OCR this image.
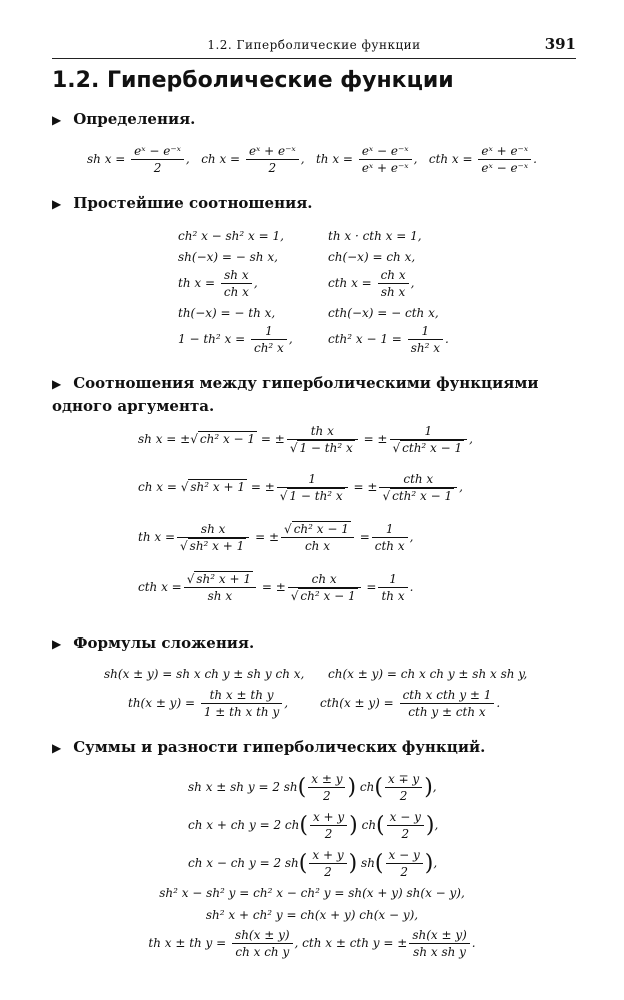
1.2. Гиперболические функции	391
1.2. Гиперболические функции
▶ Определения.
sh $x = \frac{\text{eˣ − e⁻ˣ}}{2}$ , ch $x = \frac{\text{eˣ + e⁻ˣ}}{2}$ , th $x = \frac{\text{eˣ − e⁻ˣ}}{\text{eˣ + e⁻ˣ}}$ , cth $x = \frac{\text{eˣ + e⁻ˣ}}{\text{eˣ − e⁻ˣ}}$ .
▶ Простейшие соотношения.
ch² x − sh² x = 1,	th x · cth x = 1,
sh(−x) = − sh x,	ch(−x) = ch x,
th $x = \frac{\text{sh x}}{\text{ch x}}$ ,	cth $x = \frac{\text{ch x}}{\text{sh x}}$ ,
th(−x) = − th x,	cth(−x) = − cth x,
1 − th² $x = \frac{1}{\text{ch² x}}$ ,	cth² $x - 1 = \frac{1}{\text{sh² x}}$ .
▶ Соотношения между гиперболическими функциями одного аргумента.
sh x = ±√ ch² x − 1 = ± $\frac{\text{th x}}{\text{√ 1 − th² x}}$ = ± $\frac{1}{\text{√ cth² x − 1}}$ ,
ch x = √ sh² x + 1 = ± $\frac{1}{\text{√ 1 − th² x}}$ = ± $\frac{\text{cth x}}{\text{√ cth² x − 1}}$ ,
th $x = \frac{\text{sh x}}{\text{√ sh² x + 1}}$ = ± $\frac{\text{√ ch² x − 1}}{\text{ch x}} = \frac{1}{\text{cth x}}$ ,
cth $x = \frac{\text{√ sh² x + 1}}{\text{sh x}}$ = ± $\frac{\text{ch x}}{\text{√ ch² x − 1}} = \frac{1}{\text{th x}}$ .
▶ Формулы сложения.
sh(x ± y) = sh x ch y ± sh y ch x, ch(x ± y) = ch x ch y ± sh x sh y,
$th(x \pm y) = \frac{\text{th x ± th y}}{\text{1 ± th x th y}}$ ,	$cth(x \pm y) = \frac{\text{cth x cth y ± 1}}{\text{cth y ± cth x}}$ .
▶ Суммы и разности гиперболических функций.
sh x ± sh y = 2 $sh( \frac{x \pm y}{2}$ ) $ch( \frac{x \mp y}{2}$ ),
ch x + ch y = 2 $ch( \frac{x + y}{2}$ ) $ch( \frac{x - y}{2}$ ),
ch x − ch y = 2 $sh( \frac{x + y}{2}$ ) $sh( \frac{x - y}{2}$ ),
sh² x − sh² y = ch² x − ch² y = sh(x + y) sh(x − y),
sh² x + ch² y = ch(x + y) ch(x − y),
th x ± th $y = \frac{sh(x \pm y)}{\text{ch x ch y}}$ , cth x ± cth y = ± $\frac{sh(x \pm y)}{\text{sh x sh y}}$ .
